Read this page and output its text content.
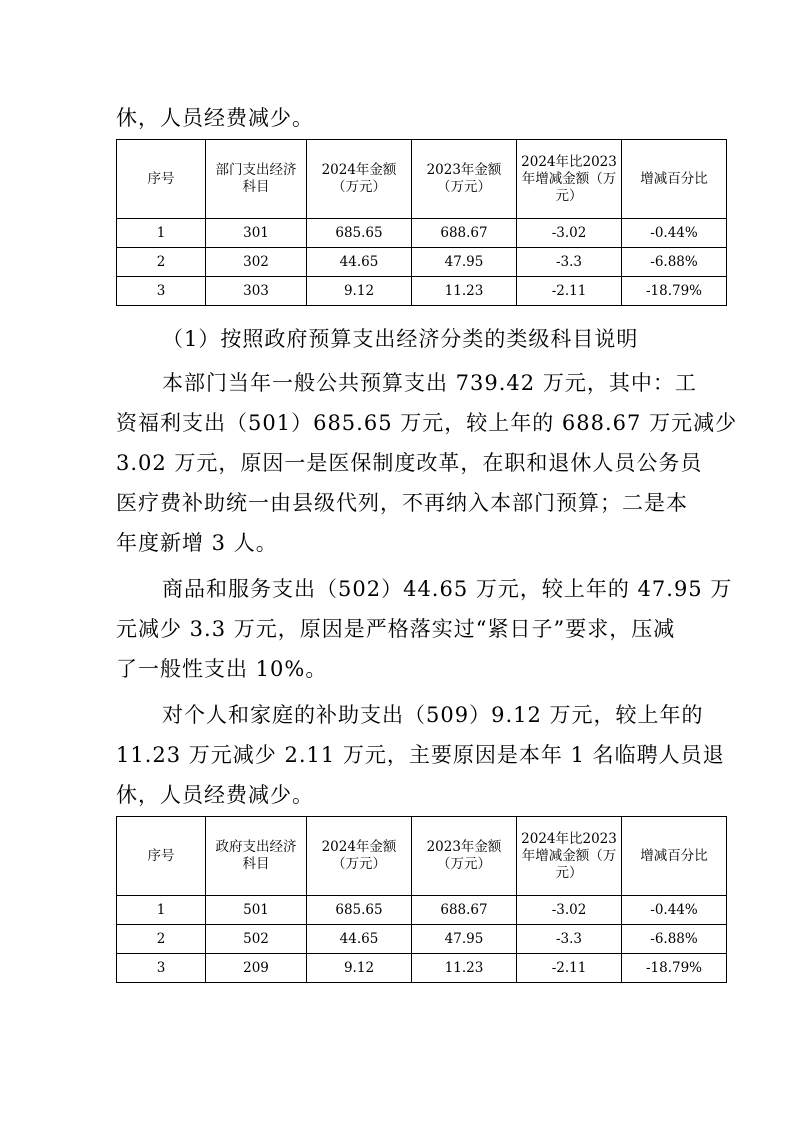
休，人员经费减少。
序号	部门支出经济科目	2024年金额（万元）	2023年金额（万元）	2024年比2023年增减金额（万元）	增减百分比
1	301	685.65	688.67	-3.02	-0.44%
2	302	44.65	47.95	-3.3	-6.88%
3	303	9.12	11.23	-2.11	-18.79%
（1）按照政府预算支出经济分类的类级科目说明
本部门当年一般公共预算支出 739.42 万元，其中：工
资福利支出（501）685.65 万元，较上年的 688.67 万元减少
3.02 万元，原因一是医保制度改革，在职和退休人员公务员
医疗费补助统一由县级代列，不再纳入本部门预算；二是本
年度新增 3 人。
商品和服务支出（502）44.65 万元，较上年的 47.95 万
元减少 3.3 万元，原因是严格落实过“紧日子”要求，压减
了一般性支出 10%。
对个人和家庭的补助支出（509）9.12 万元，较上年的
11.23 万元减少 2.11 万元，主要原因是本年 1 名临聘人员退
休，人员经费减少。
序号	政府支出经济科目	2024年金额（万元）	2023年金额（万元）	2024年比2023年增减金额（万元）	增减百分比
1	501	685.65	688.67	-3.02	-0.44%
2	502	44.65	47.95	-3.3	-6.88%
3	209	9.12	11.23	-2.11	-18.79%
